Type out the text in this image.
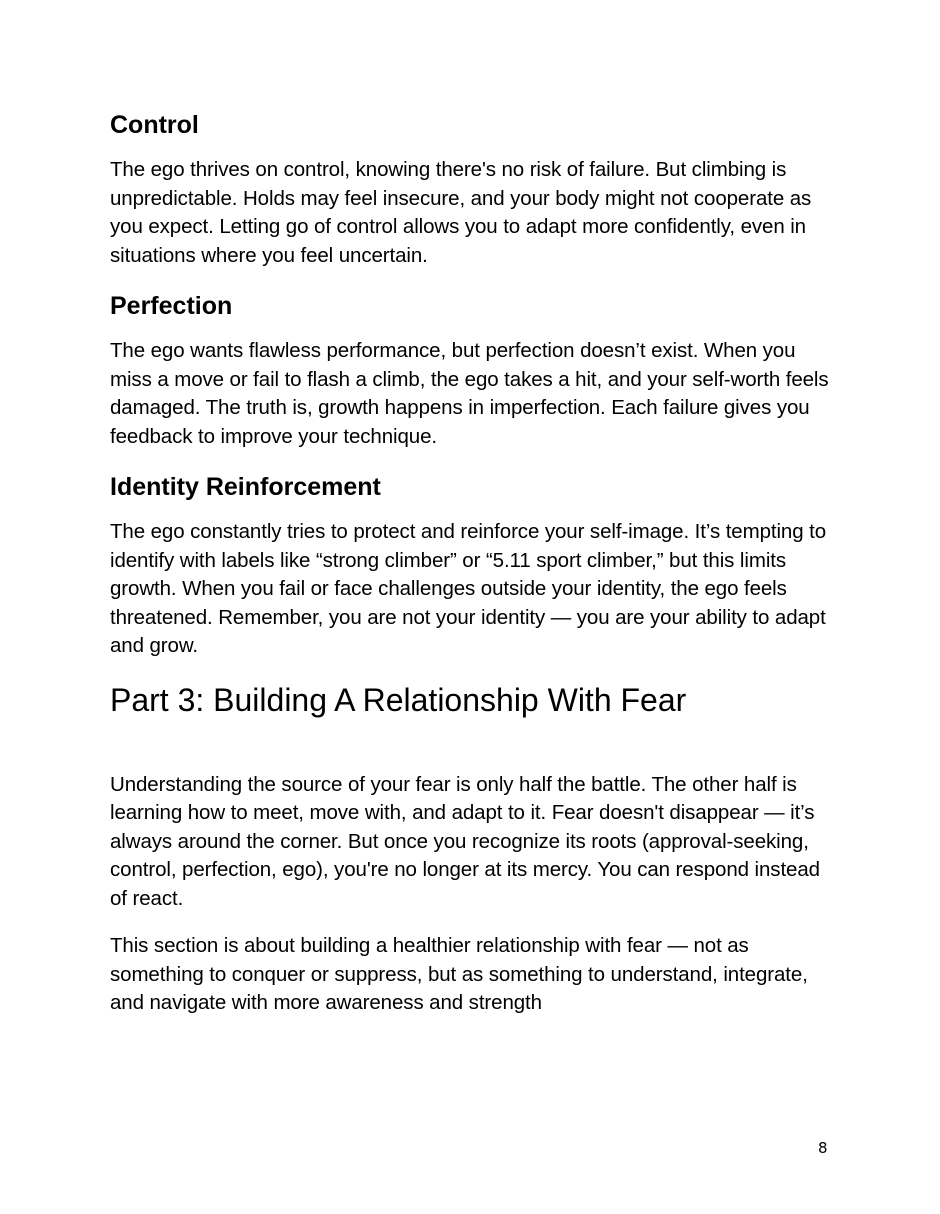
Control

The ego thrives on control, knowing there's no risk of failure. But climbing is unpredictable. Holds may feel insecure, and your body might not cooperate as you expect. Letting go of control allows you to adapt more confidently, even in situations where you feel uncertain.

Perfection

The ego wants flawless performance, but perfection doesn’t exist. When you miss a move or fail to flash a climb, the ego takes a hit, and your self-worth feels damaged. The truth is, growth happens in imperfection. Each failure gives you feedback to improve your technique.

Identity Reinforcement

The ego constantly tries to protect and reinforce your self-image. It’s tempting to identify with labels like “strong climber” or “5.11 sport climber,” but this limits growth. When you fail or face challenges outside your identity, the ego feels threatened. Remember, you are not your identity — you are your ability to adapt and grow.

Part 3: Building A Relationship With Fear

Understanding the source of your fear is only half the battle. The other half is learning how to meet, move with, and adapt to it. Fear doesn't disappear — it’s always around the corner. But once you recognize its roots (approval-seeking, control, perfection, ego), you're no longer at its mercy. You can respond instead of react.

This section is about building a healthier relationship with fear — not as something to conquer or suppress, but as something to understand, integrate, and navigate with more awareness and strength

8
